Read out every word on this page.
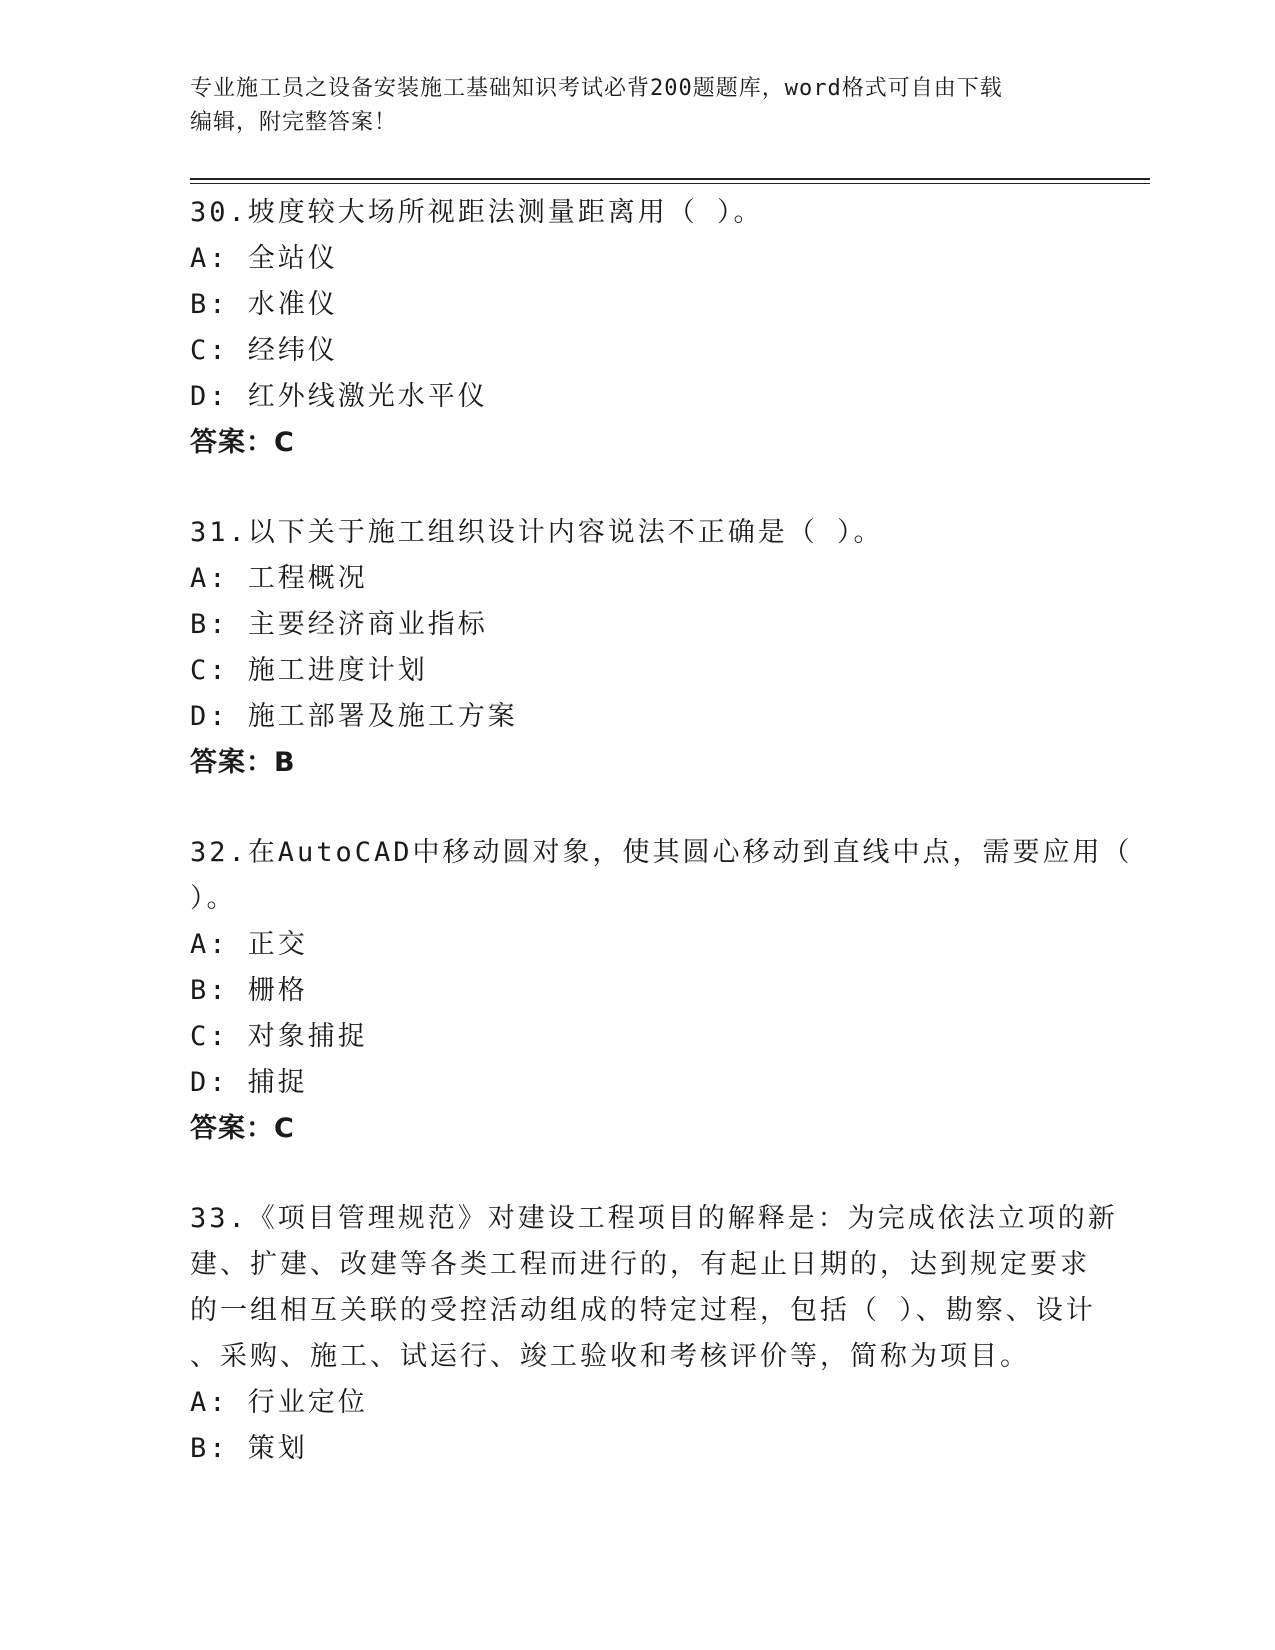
专业施工员之设备安装施工基础知识考试必背200题题库，word格式可自由下载
编辑，附完整答案！
30.坡度较大场所视距法测量距离用（ ）。
A: 全站仪
B: 水准仪
C: 经纬仪
D: 红外线激光水平仪
答案：C
31.以下关于施工组织设计内容说法不正确是（ ）。
A: 工程概况
B: 主要经济商业指标
C: 施工进度计划
D: 施工部署及施工方案
答案：B
32.在AutoCAD中移动圆对象，使其圆心移动到直线中点，需要应用（
）。
A: 正交
B: 栅格
C: 对象捕捉
D: 捕捉
答案：C
33.《项目管理规范》对建设工程项目的解释是：为完成依法立项的新
建、扩建、改建等各类工程而进行的，有起止日期的，达到规定要求
的一组相互关联的受控活动组成的特定过程，包括（ ）、勘察、设计
、采购、施工、试运行、竣工验收和考核评价等，简称为项目。
A: 行业定位
B: 策划
